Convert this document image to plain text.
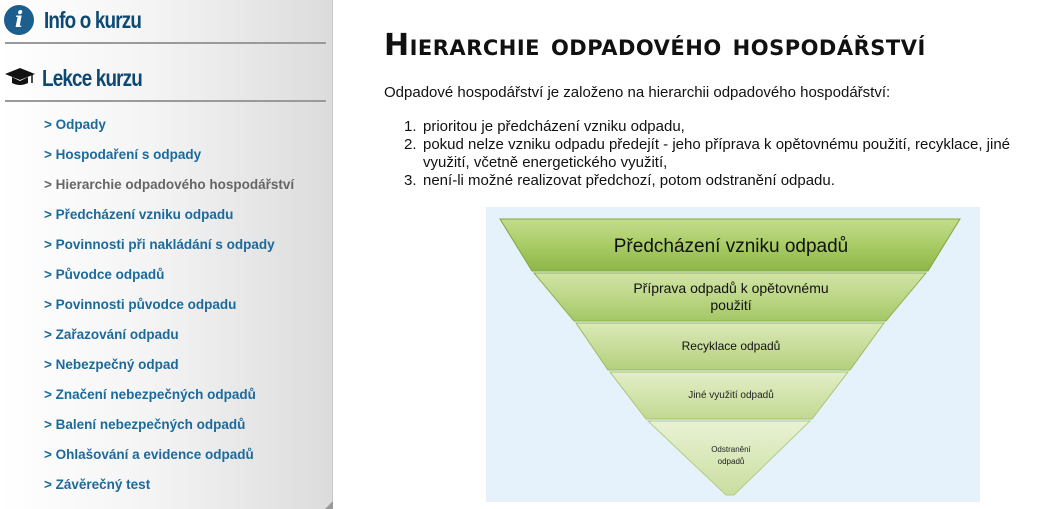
i Info o kurzu
Lekce kurzu
> Odpady
> Hospodaření s odpady
> Hierarchie odpadového hospodářství
> Předcházení vzniku odpadu
> Povinnosti při nakládání s odpady
> Původce odpadů
> Povinnosti původce odpadu
> Zařazování odpadu
> Nebezpečný odpad
> Značení nebezpečných odpadů
> Balení nebezpečných odpadů
> Ohlašování a evidence odpadů
> Závěrečný test
Hierarchie odpadového hospodářství
Odpadové hospodářství je založeno na hierarchii odpadového hospodářství:
1. prioritou je předcházení vzniku odpadu,
2. pokud nelze vzniku odpadu předejít - jeho příprava k opětovnému použití, recyklace, jiné
využití, včetně energetického využití,
3. není-li možné realizovat předchozí, potom odstranění odpadu.
Předcházení vzniku odpadů
Příprava odpadů k opětovnému
použití
Recyklace odpadů
Jiné využití odpadů
Odstranění
odpadů
